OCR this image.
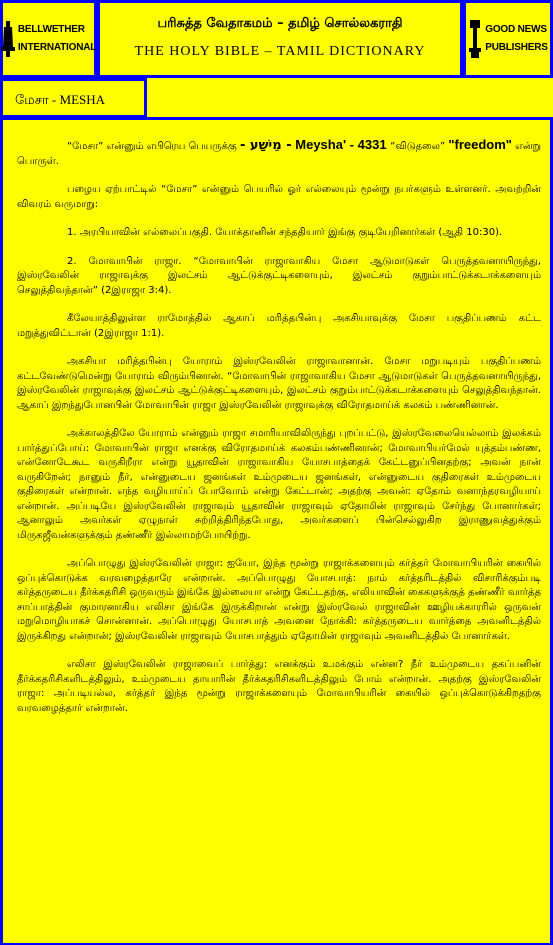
BELLWETHER
INTERNATIONAL
பரிசுத்த வேதாகமம் – தமிழ் சொல்லகராதி
THE HOLY BIBLE – TAMIL DICTIONARY
GOOD NEWS
PUBLISHERS
மேசா - MESHA

“மேசா” என்னும் எபிரெய பெயருக்கு - מֵישַׁע - Meysha' - 4331 “விடுதலை” "freedom" என்று பொருள்.

பழைய ஏற்பாட்டில் “மேசா” என்னும் பெயரில் ஓர் எல்லையும் மூன்று நபர்களும் உள்ளனர். அவற்றின் விவரம் வருமாறு:

1. அரபியாவின் எல்லைப்பகுதி. யோக்தானின் சந்ததியார் இங்கு குடியேறினார்கள் (ஆதி 10:30).

2. மோவாபின் ராஜா. “மோவாபின் ராஜாவாகிய மேசா ஆடுமாடுகள் பெருத்தவனாயிருந்து, இஸ்ரவேலின் ராஜாவுக்கு இலட்சம் ஆட்டுக்குட்டிகளையும், இலட்சம் குறும்பாட்டுக்கடாக்களையும் செலுத்திவந்தான்” (2இராஜா 3:4).

கீலேயாத்திலுள்ள ராமோத்தில் ஆகாப் மரித்தபின்பு அகசியாவுக்கு மேசா பகுதிப்பணம் கட்ட மறுத்துவிட்டான் (2இராஜா 1:1).

அகசியா மரித்தபின்பு யோராம் இஸ்ரவேலின் ராஜாவானான். மேசா மறுபடியும் பகுதிப்பணம் கட்டவேண்டுமென்று யோராம் விரும்பினான். “மோவாபின் ராஜாவாகிய மேசா ஆடுமாடுகள் பெருத்தவனாயிருந்து, இஸ்ரவேலின் ராஜாவுக்கு இலட்சம் ஆட்டுக்குட்டிகளையும், இலட்சம் குறும்பாட்டுக்கடாக்களையும் செலுத்திவந்தான். ஆகாப் இறந்துபோனபின் மோவாபின் ராஜா இஸ்ரவேலின் ராஜாவுக்கு விரோதமாய்க் கலகம் பண்ணினான்.

அக்காலத்திலே யோராம் என்னும் ராஜா சமாரியாவிலிருந்து புறப்பட்டு, இஸ்ரவேலையெல்லாம் இலக்கம் பார்த்துப்போய்: மோவாபின் ராஜா எனக்கு விரோதமாய்க் கலகம்பண்ணினான்; மோவாபியர்மேல் யுத்தம்பண்ண, என்னோடேகூட வருகிறீரா என்று யூதாவின் ராஜாவாகிய யோசபாத்தைக் கேட்டனுப்பினதற்கு; அவன் நான் வருகிறேன்; நானும் நீர், என்னுடைய ஜனங்கள் உம்முடைய ஜனங்கள், என்னுடைய குதிரைகள் உம்முடைய குதிரைகள் என்றான். எந்த வழியாய்ப் போவோம் என்று கேட்டான்; அதற்கு அவன்: ஏதோம் வனாந்தரவழியாய் என்றான். அப்படியே இஸ்ரவேலின் ராஜாவும் யூதாவின் ராஜாவும் ஏதோமின் ராஜாவும் சேர்ந்து போனார்கள்; ஆனாலும் அவர்கள் ஏழுநாள் சுற்றித்திரிந்தபோது, அவர்களைப் பின்செல்லுகிற இராணுவத்துக்கும் மிருகஜீவன்களுக்கும் தண்ணீர் இல்லாமற்போயிற்று.

அப்பொழுது இஸ்ரவேலின் ராஜா: ஐயோ, இந்த மூன்று ராஜாக்களையும் கர்த்தர் மோவாபியரின் கையில் ஒப்புக்கொடுக்க வரவழைத்தாரே என்றான். அப்பொழுது யோசபாத்: நாம் கர்த்தரிடத்தில் விசாரிக்கும்படி கர்த்தருடைய தீர்க்கதரிசி ஒருவரும் இங்கே இல்லையா என்று கேட்டதற்கு, எலியாவின் கைகளுக்குத் தண்ணீர் வார்த்த சாப்பாத்தின் குமாரனாகிய எலிசா இங்கே இருக்கிறான் என்று இஸ்ரவேல் ராஜாவின் ஊழியக்காரரில் ஒருவன் மறுமொழியாகச் சொன்னான். அப்பொழுது யோசபாத் அவனை நோக்கி: கர்த்தருடைய வார்த்தை அவனிடத்தில் இருக்கிறது என்றான்; இஸ்ரவேலின் ராஜாவும் யோசபாத்தும் ஏதோமின் ராஜாவும் அவனிடத்தில் போனார்கள்.

எலிசா இஸ்ரவேலின் ராஜாவைப் பார்த்து: எனக்கும் உமக்கும் என்ன? நீர் உம்முடைய தகப்பனின் தீர்க்கதரிசிகளிடத்திலும், உம்முடைய தாயாரின் தீர்க்கதரிசிகளிடத்திலும் போம் என்றான். அதற்கு இஸ்ரவேலின் ராஜா: அப்படியல்ல, கர்த்தர் இந்த மூன்று ராஜாக்களையும் மோவாபியரின் கையில் ஒப்புக்கொடுக்கிறதற்கு வரவழைத்தார் என்றான்.
